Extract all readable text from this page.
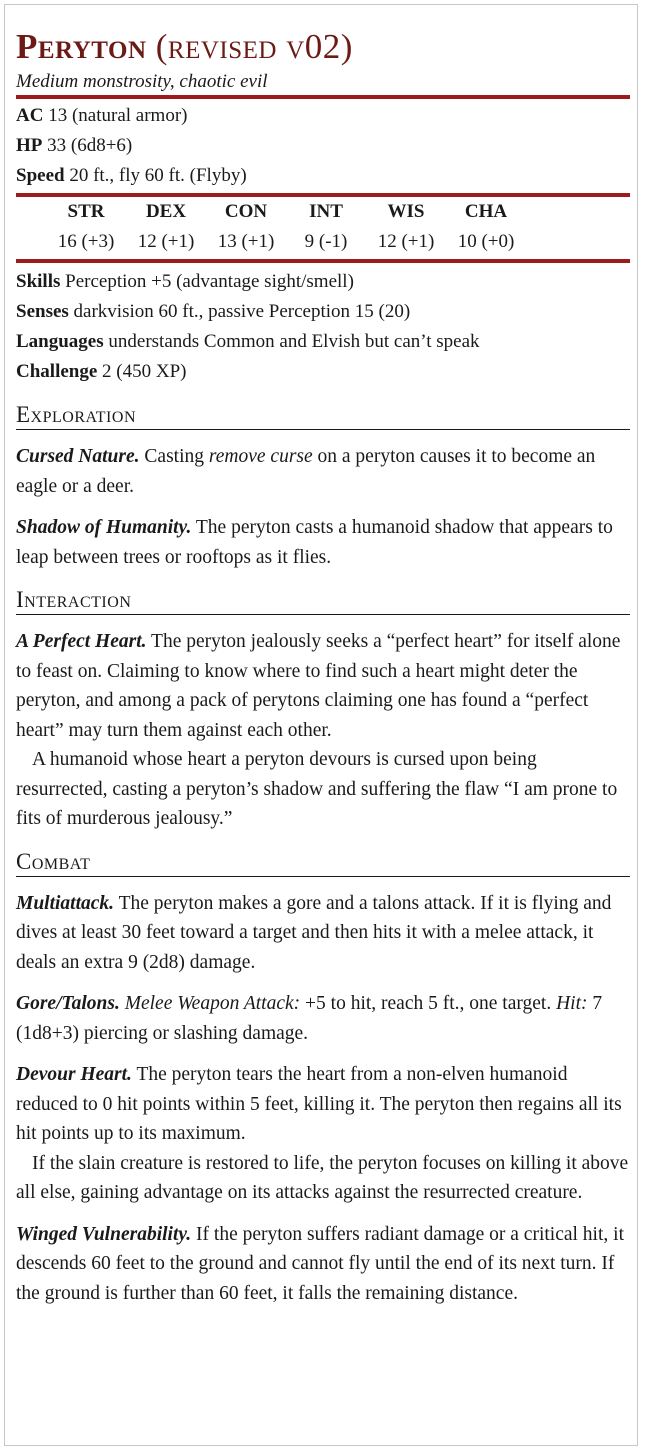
Peryton (revised v02)
Medium monstrosity, chaotic evil
AC 13 (natural armor)
HP 33 (6d8+6)
Speed 20 ft., fly 60 ft. (Flyby)
STR
16 (+3)
DEX
12 (+1)
CON
13 (+1)
INT
9 (-1)
WIS
12 (+1)
CHA
10 (+0)
Skills Perception +5 (advantage sight/smell)
Senses darkvision 60 ft., passive Perception 15 (20)
Languages understands Common and Elvish but can’t speak
Challenge 2 (450 XP)
Exploration
Cursed Nature. Casting remove curse on a peryton causes it to become an eagle or a deer.
Shadow of Humanity. The peryton casts a humanoid shadow that appears to leap between trees or rooftops as it flies.
Interaction
A Perfect Heart. The peryton jealously seeks a “perfect heart” for itself alone to feast on. Claiming to know where to find such a heart might deter the peryton, and among a pack of perytons claiming one has found a “perfect heart” may turn them against each other.
A humanoid whose heart a peryton devours is cursed upon being resurrected, casting a peryton’s shadow and suffering the flaw “I am prone to fits of murderous jealousy.”
Combat
Multiattack. The peryton makes a gore and a talons attack. If it is flying and dives at least 30 feet toward a target and then hits it with a melee attack, it deals an extra 9 (2d8) damage.
Gore/Talons. Melee Weapon Attack: +5 to hit, reach 5 ft., one target. Hit: 7 (1d8+3) piercing or slashing damage.
Devour Heart. The peryton tears the heart from a non-elven humanoid reduced to 0 hit points within 5 feet, killing it. The peryton then regains all its hit points up to its maximum.
If the slain creature is restored to life, the peryton focuses on killing it above all else, gaining advantage on its attacks against the resurrected creature.
Winged Vulnerability. If the peryton suffers radiant damage or a critical hit, it descends 60 feet to the ground and cannot fly until the end of its next turn. If the ground is further than 60 feet, it falls the remaining distance.
